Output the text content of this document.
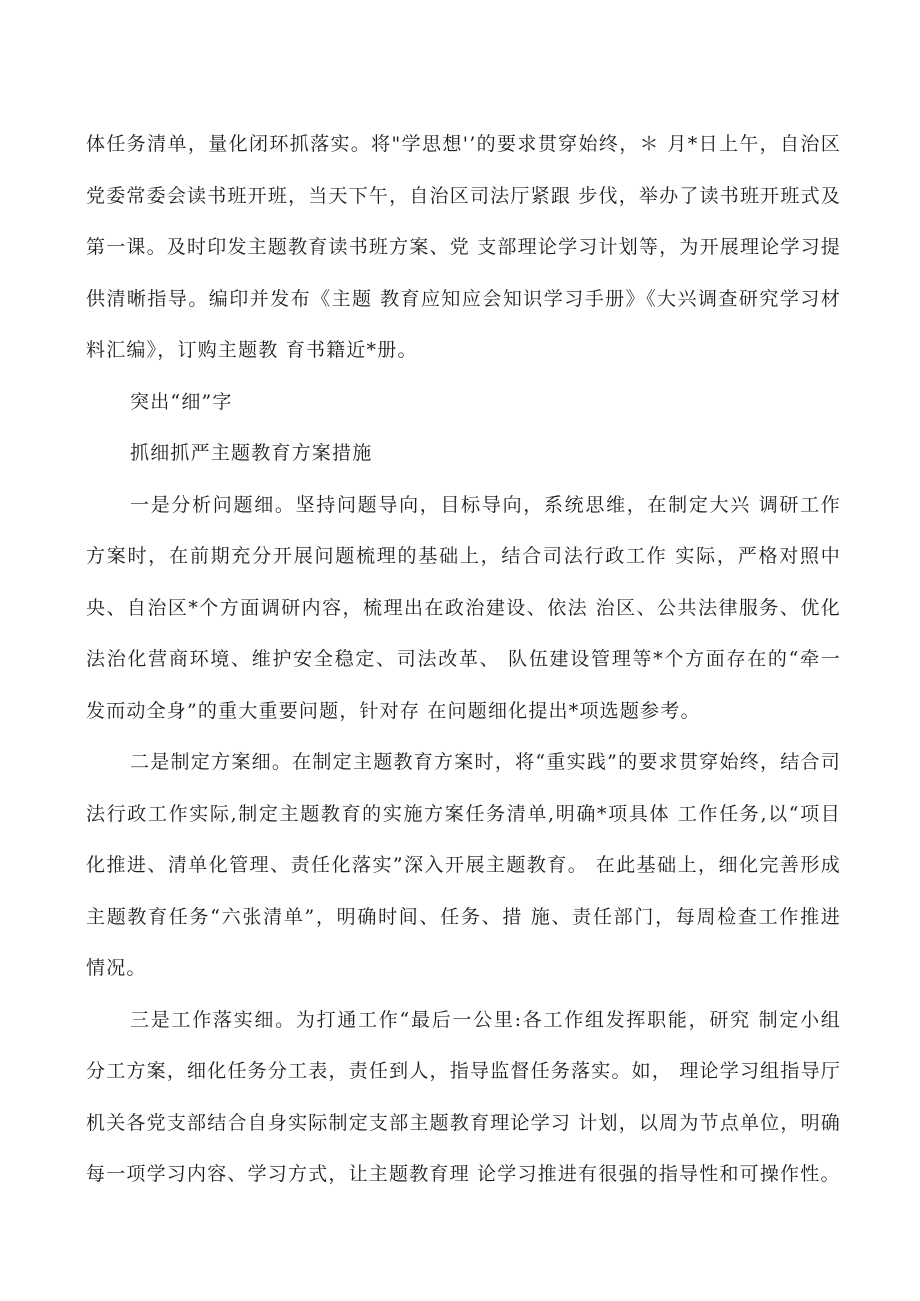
体任务清单，量化闭环抓落实。将"学思想'’的要求贯穿始终，＊ 月*日上午，自治区党委常委会读书班开班，当天下午，自治区司法厅紧跟 步伐，举办了读书班开班式及第一课。及时印发主题教育读书班方案、党 支部理论学习计划等，为开展理论学习提供清晰指导。编印并发布《主题 教育应知应会知识学习手册》《大兴调查研究学习材料汇编》，订购主题教 育书籍近*册。

突出“细”字

抓细抓严主题教育方案措施

一是分析问题细。坚持问题导向，目标导向，系统思维，在制定大兴 调研工作方案时，在前期充分开展问题梳理的基础上，结合司法行政工作 实际，严格对照中央、自治区*个方面调研内容，梳理出在政治建设、依法 治区、公共法律服务、优化法治化营商环境、维护安全稳定、司法改革、 队伍建设管理等*个方面存在的“牵一发而动全身”的重大重要问题，针对存 在问题细化提出*项选题参考。

二是制定方案细。在制定主题教育方案时，将“重实践”的要求贯穿始终，结合司法行政工作实际,制定主题教育的实施方案任务清单,明确*项具体 工作任务,以“项目化推进、清单化管理、责任化落实”深入开展主题教育。 在此基础上，细化完善形成主题教育任务“六张清单”，明确时间、任务、措 施、责任部门，每周检查工作推进情况。

三是工作落实细。为打通工作“最后一公里:各工作组发挥职能，研究 制定小组分工方案，细化任务分工表，责任到人，指导监督任务落实。如， 理论学习组指导厅机关各党支部结合自身实际制定支部主题教育理论学习 计划，以周为节点单位，明确每一项学习内容、学习方式，让主题教育理 论学习推进有很强的指导性和可操作性。
